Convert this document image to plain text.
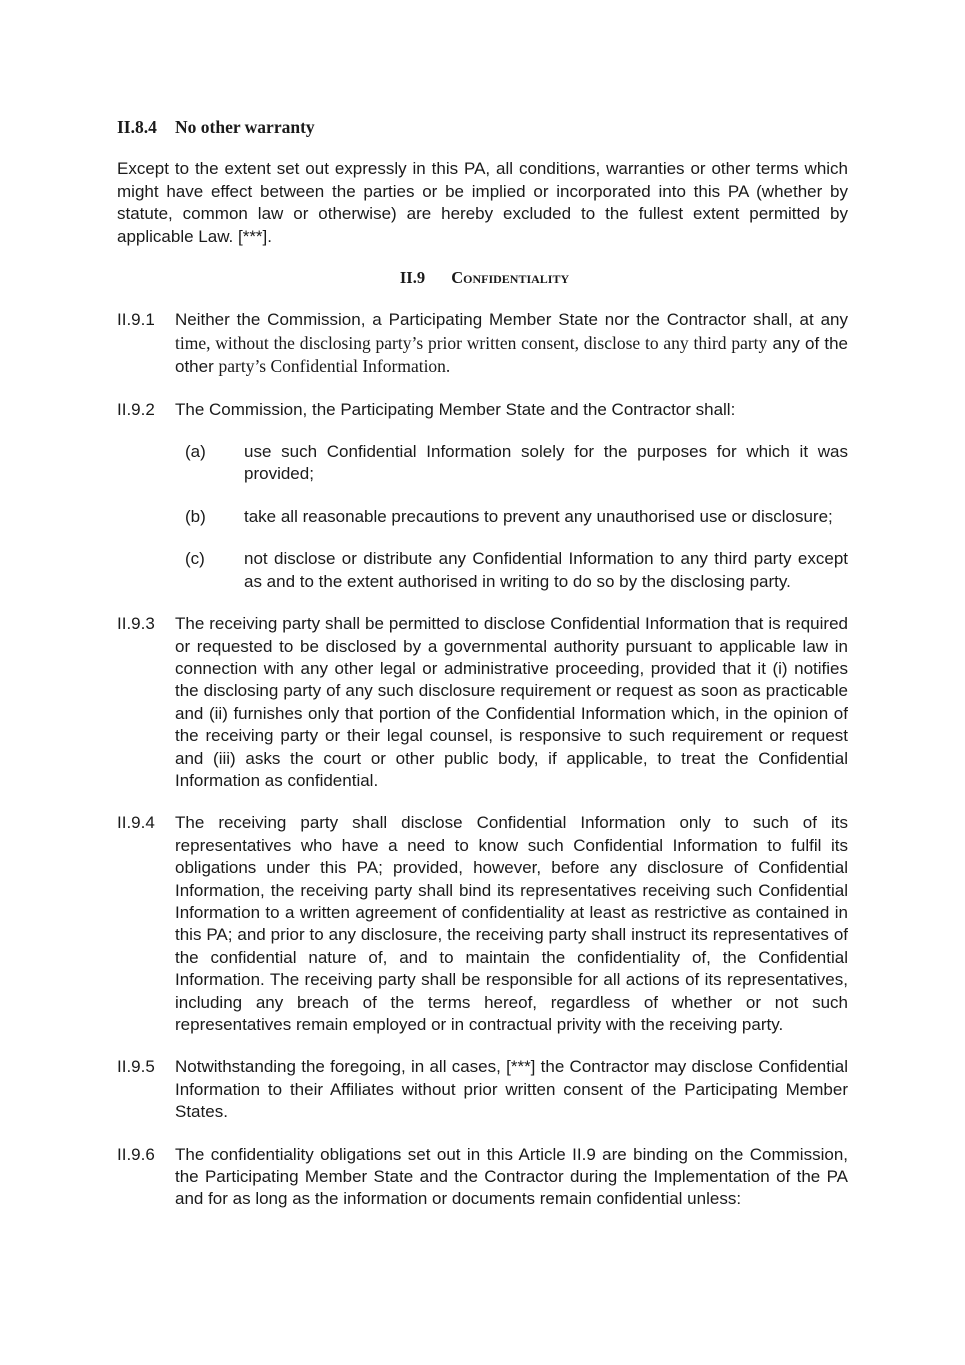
II.8.4	No other warranty

Except to the extent set out expressly in this PA, all conditions, warranties or other terms which might have effect between the parties or be implied or incorporated into this PA (whether by statute, common law or otherwise) are hereby excluded to the fullest extent permitted by applicable Law. [***].

II.9 Confidentiality
II.9.1	Neither the Commission, a Participating Member State nor the Contractor shall, at any time, without the disclosing party’s prior written consent, disclose to any third party any of the other party’s Confidential Information.
II.9.2	The Commission, the Participating Member State and the Contractor shall:
(a)	use such Confidential Information solely for the purposes for which it was provided;
(b)	take all reasonable precautions to prevent any unauthorised use or disclosure;
(c)	not disclose or distribute any Confidential Information to any third party except as and to the extent authorised in writing to do so by the disclosing party.
II.9.3	The receiving party shall be permitted to disclose Confidential Information that is required or requested to be disclosed by a governmental authority pursuant to applicable law in connection with any other legal or administrative proceeding, provided that it (i) notifies the disclosing party of any such disclosure requirement or request as soon as practicable and (ii) furnishes only that portion of the Confidential Information which, in the opinion of the receiving party or their legal counsel, is responsive to such requirement or request and (iii) asks the court or other public body, if applicable, to treat the Confidential Information as confidential.
II.9.4	The receiving party shall disclose Confidential Information only to such of its representatives who have a need to know such Confidential Information to fulfil its obligations under this PA; provided, however, before any disclosure of Confidential Information, the receiving party shall bind its representatives receiving such Confidential Information to a written agreement of confidentiality at least as restrictive as contained in this PA; and prior to any disclosure, the receiving party shall instruct its representatives of the confidential nature of, and to maintain the confidentiality of, the Confidential Information. The receiving party shall be responsible for all actions of its representatives, including any breach of the terms hereof, regardless of whether or not such representatives remain employed or in contractual privity with the receiving party.
II.9.5	Notwithstanding the foregoing, in all cases, [***] the Contractor may disclose Confidential Information to their Affiliates without prior written consent of the Participating Member States.
II.9.6	The confidentiality obligations set out in this Article II.9 are binding on the Commission, the Participating Member State and the Contractor during the Implementation of the PA and for as long as the information or documents remain confidential unless:
